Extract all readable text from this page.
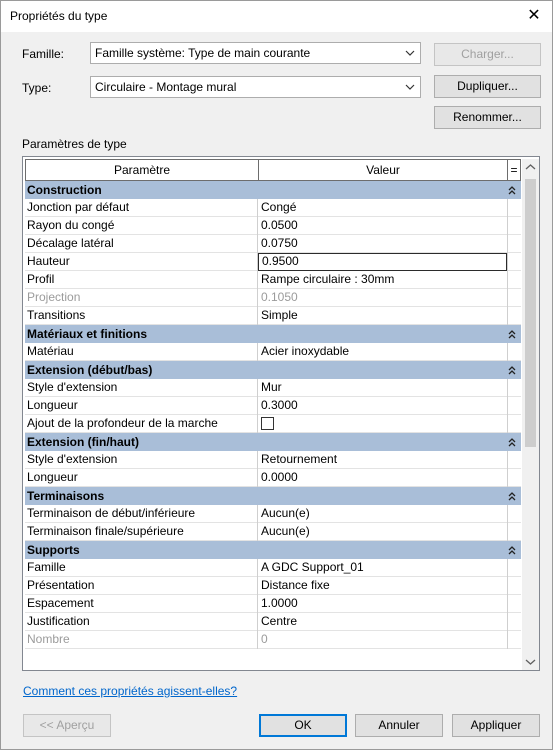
Propriétés du type	✕
Famille:	Famille système: Type de main courante	Charger...
Type:	Circulaire - Montage mural	Dupliquer...
Renommer...
Paramètres de type
Paramètre	Valeur	=
Construction
Jonction par défaut	Congé
Rayon du congé	0.0500
Décalage latéral	0.0750
Hauteur	0.9500
Profil	Rampe circulaire : 30mm
Projection	0.1050
Transitions	Simple
Matériaux et finitions
Matériau	Acier inoxydable
Extension (début/bas)
Style d'extension	Mur
Longueur	0.3000
Ajout de la profondeur de la marche
Extension (fin/haut)
Style d'extension	Retournement
Longueur	0.0000
Terminaisons
Terminaison de début/inférieure	Aucun(e)
Terminaison finale/supérieure	Aucun(e)
Supports
Famille	A GDC Support_01
Présentation	Distance fixe
Espacement	1.0000
Justification	Centre
Nombre	0
Comment ces propriétés agissent-elles?
<< Aperçu	OK	Annuler	Appliquer
